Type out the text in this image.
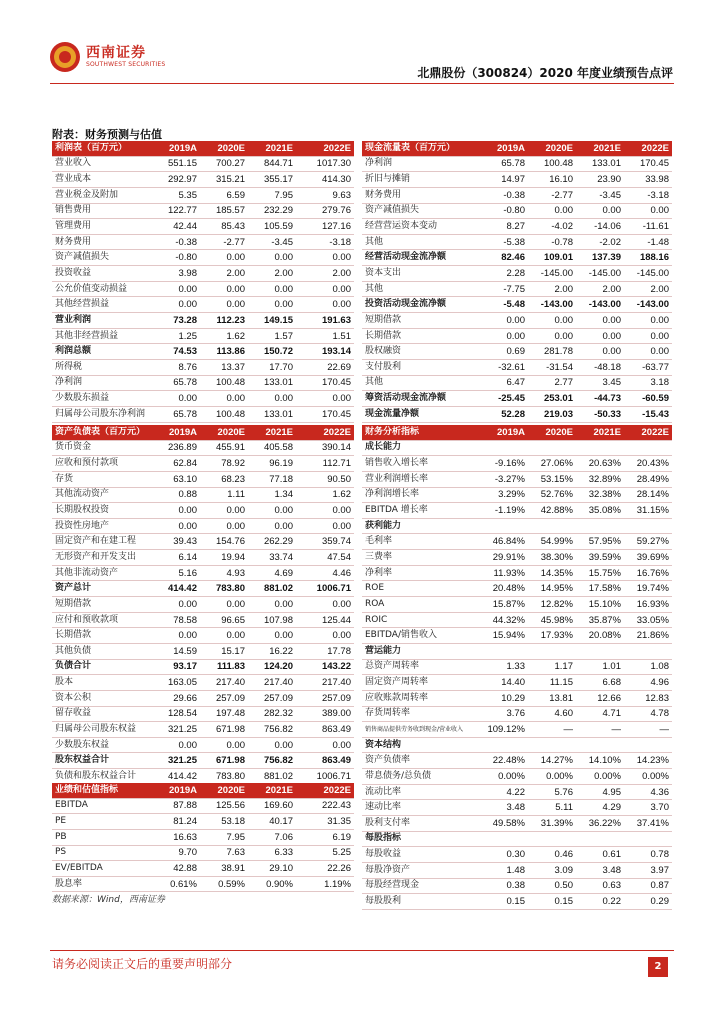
西南证券
SOUTHWEST SECURITIES
北鼎股份（300824）2020 年度业绩预告点评
附表：财务预测与估值
利润表（百万元）	2019A	2020E	2021E	2022E
营业收入	551.15	700.27	844.71	1017.30
营业成本	292.97	315.21	355.17	414.30
营业税金及附加	5.35	6.59	7.95	9.63
销售费用	122.77	185.57	232.29	279.76
管理费用	42.44	85.43	105.59	127.16
财务费用	-0.38	-2.77	-3.45	-3.18
资产减值损失	-0.80	0.00	0.00	0.00
投资收益	3.98	2.00	2.00	2.00
公允价值变动损益	0.00	0.00	0.00	0.00
其他经营损益	0.00	0.00	0.00	0.00
营业利润	73.28	112.23	149.15	191.63
其他非经营损益	1.25	1.62	1.57	1.51
利润总额	74.53	113.86	150.72	193.14
所得税	8.76	13.37	17.70	22.69
净利润	65.78	100.48	133.01	170.45
少数股东损益	0.00	0.00	0.00	0.00
归属母公司股东净利润	65.78	100.48	133.01	170.45
现金流量表（百万元）	2019A	2020E	2021E	2022E
净利润	65.78	100.48	133.01	170.45
折旧与摊销	14.97	16.10	23.90	33.98
财务费用	-0.38	-2.77	-3.45	-3.18
资产减值损失	-0.80	0.00	0.00	0.00
经营营运资本变动	8.27	-4.02	-14.06	-11.61
其他	-5.38	-0.78	-2.02	-1.48
经营活动现金流净额	82.46	109.01	137.39	188.16
资本支出	2.28	-145.00	-145.00	-145.00
其他	-7.75	2.00	2.00	2.00
投资活动现金流净额	-5.48	-143.00	-143.00	-143.00
短期借款	0.00	0.00	0.00	0.00
长期借款	0.00	0.00	0.00	0.00
股权融资	0.69	281.78	0.00	0.00
支付股利	-32.61	-31.54	-48.18	-63.77
其他	6.47	2.77	3.45	3.18
筹资活动现金流净额	-25.45	253.01	-44.73	-60.59
现金流量净额	52.28	219.03	-50.33	-15.43
资产负债表（百万元）	2019A	2020E	2021E	2022E
货币资金	236.89	455.91	405.58	390.14
应收和预付款项	62.84	78.92	96.19	112.71
存货	63.10	68.23	77.18	90.50
其他流动资产	0.88	1.11	1.34	1.62
长期股权投资	0.00	0.00	0.00	0.00
投资性房地产	0.00	0.00	0.00	0.00
固定资产和在建工程	39.43	154.76	262.29	359.74
无形资产和开发支出	6.14	19.94	33.74	47.54
其他非流动资产	5.16	4.93	4.69	4.46
资产总计	414.42	783.80	881.02	1006.71
短期借款	0.00	0.00	0.00	0.00
应付和预收款项	78.58	96.65	107.98	125.44
长期借款	0.00	0.00	0.00	0.00
其他负债	14.59	15.17	16.22	17.78
负债合计	93.17	111.83	124.20	143.22
股本	163.05	217.40	217.40	217.40
资本公积	29.66	257.09	257.09	257.09
留存收益	128.54	197.48	282.32	389.00
归属母公司股东权益	321.25	671.98	756.82	863.49
少数股东权益	0.00	0.00	0.00	0.00
股东权益合计	321.25	671.98	756.82	863.49
负债和股东权益合计	414.42	783.80	881.02	1006.71
财务分析指标	2019A	2020E	2021E	2022E
成长能力				
销售收入增长率	-9.16%	27.06%	20.63%	20.43%
营业利润增长率	-3.27%	53.15%	32.89%	28.49%
净利润增长率	3.29%	52.76%	32.38%	28.14%
EBITDA 增长率	-1.19%	42.88%	35.08%	31.15%
获利能力				
毛利率	46.84%	54.99%	57.95%	59.27%
三费率	29.91%	38.30%	39.59%	39.69%
净利率	11.93%	14.35%	15.75%	16.76%
ROE	20.48%	14.95%	17.58%	19.74%
ROA	15.87%	12.82%	15.10%	16.93%
ROIC	44.32%	45.98%	35.87%	33.05%
EBITDA/销售收入	15.94%	17.93%	20.08%	21.86%
营运能力				
总资产周转率	1.33	1.17	1.01	1.08
固定资产周转率	14.40	11.15	6.68	4.96
应收账款周转率	10.29	13.81	12.66	12.83
存货周转率	3.76	4.60	4.71	4.78
销售商品提供劳务收到现金/营业收入	109.12%	—	—	—
资本结构				
资产负债率	22.48%	14.27%	14.10%	14.23%
带息债务/总负债	0.00%	0.00%	0.00%	0.00%
流动比率	4.22	5.76	4.95	4.36
速动比率	3.48	5.11	4.29	3.70
股利支付率	49.58%	31.39%	36.22%	37.41%
每股指标				
每股收益	0.30	0.46	0.61	0.78
每股净资产	1.48	3.09	3.48	3.97
每股经营现金	0.38	0.50	0.63	0.87
每股股利	0.15	0.15	0.22	0.29
业绩和估值指标	2019A	2020E	2021E	2022E
EBITDA	87.88	125.56	169.60	222.43
PE	81.24	53.18	40.17	31.35
PB	16.63	7.95	7.06	6.19
PS	9.70	7.63	6.33	5.25
EV/EBITDA	42.88	38.91	29.10	22.26
股息率	0.61%	0.59%	0.90%	1.19%
数据来源：Wind，西南证券
请务必阅读正文后的重要声明部分	2
